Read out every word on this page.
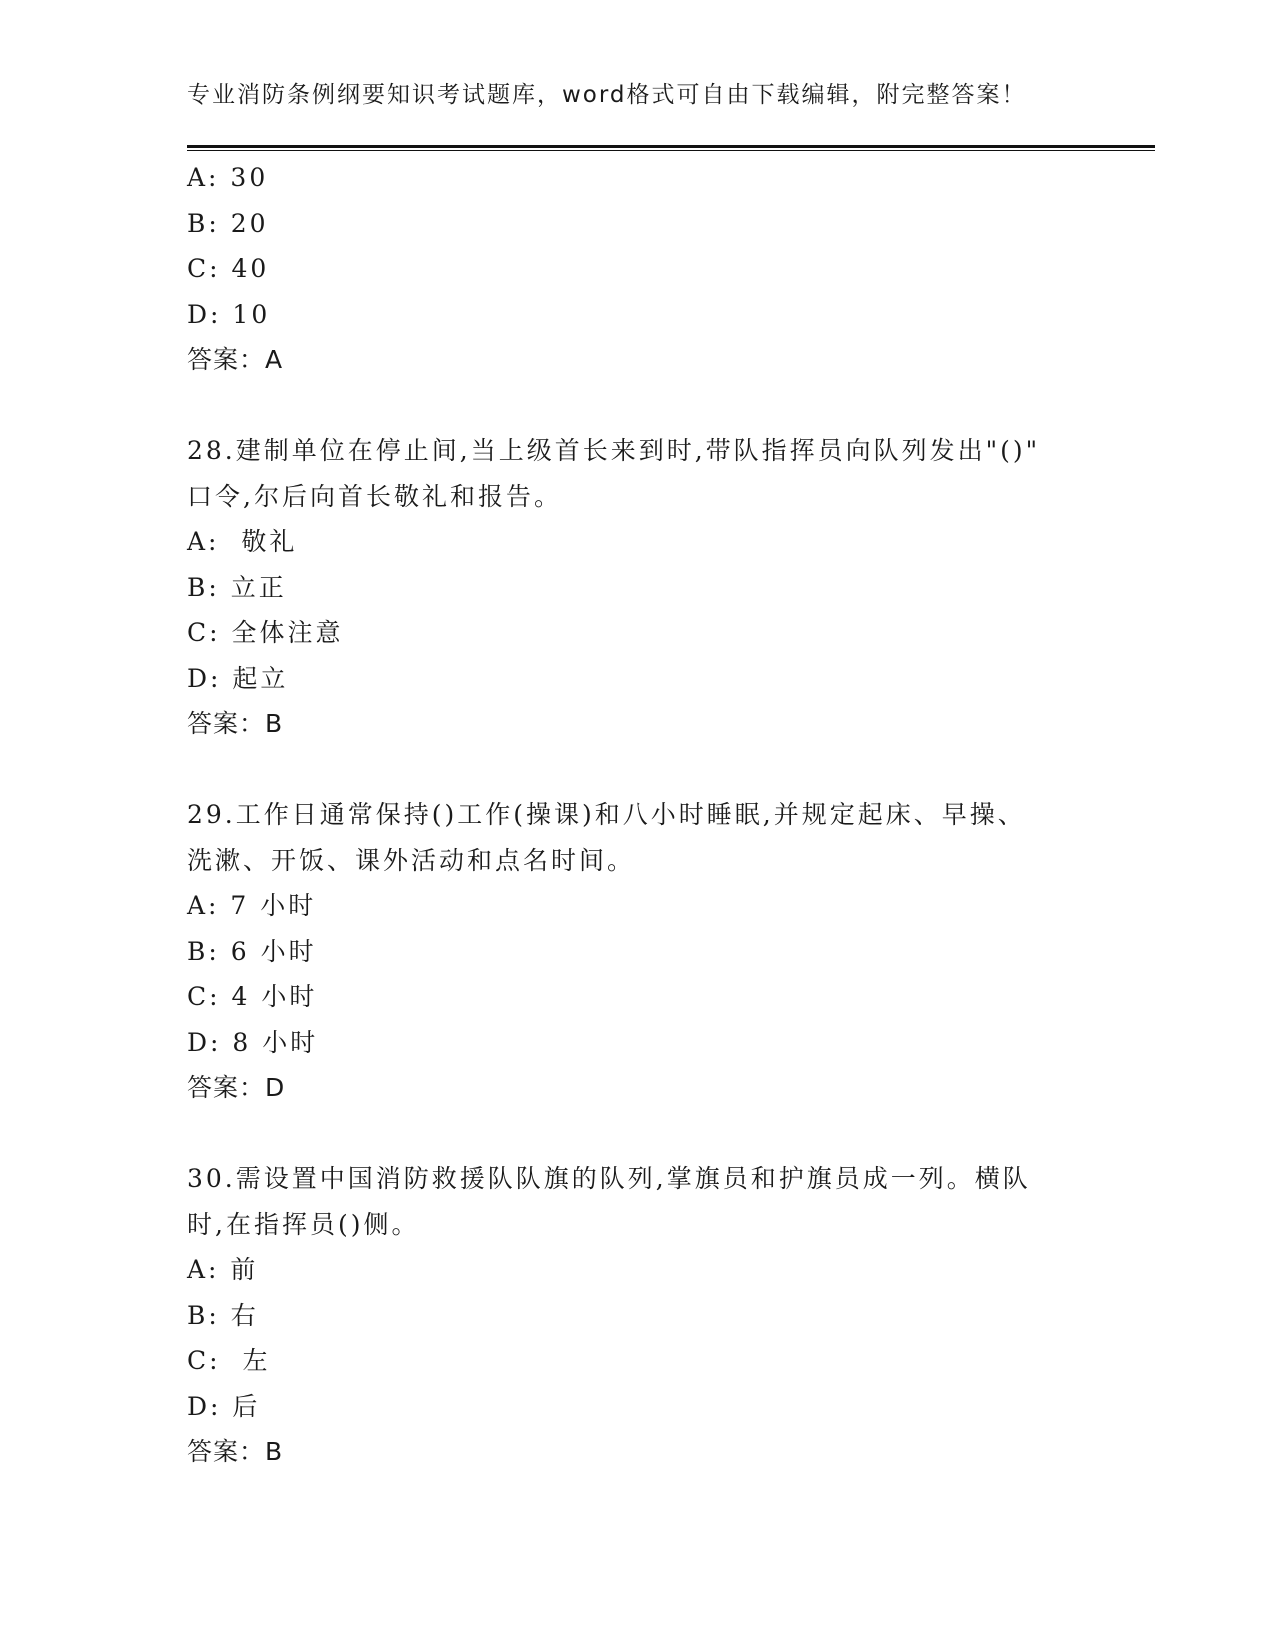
专业消防条例纲要知识考试题库，word格式可自由下载编辑，附完整答案！
A: 30
B: 20
C: 40
D: 10
答案：A
28.建制单位在停止间,当上级首长来到时,带队指挥员向队列发出"()"
口令,尔后向首长敬礼和报告。
A:  敬礼
B: 立正
C: 全体注意
D: 起立
答案：B
29.工作日通常保持()工作(操课)和八小时睡眠,并规定起床、早操、
洗漱、开饭、课外活动和点名时间。
A: 7 小时
B: 6 小时
C: 4 小时
D: 8 小时
答案：D
30.需设置中国消防救援队队旗的队列,掌旗员和护旗员成一列。横队
时,在指挥员()侧。
A: 前
B: 右
C:  左
D: 后
答案：B
